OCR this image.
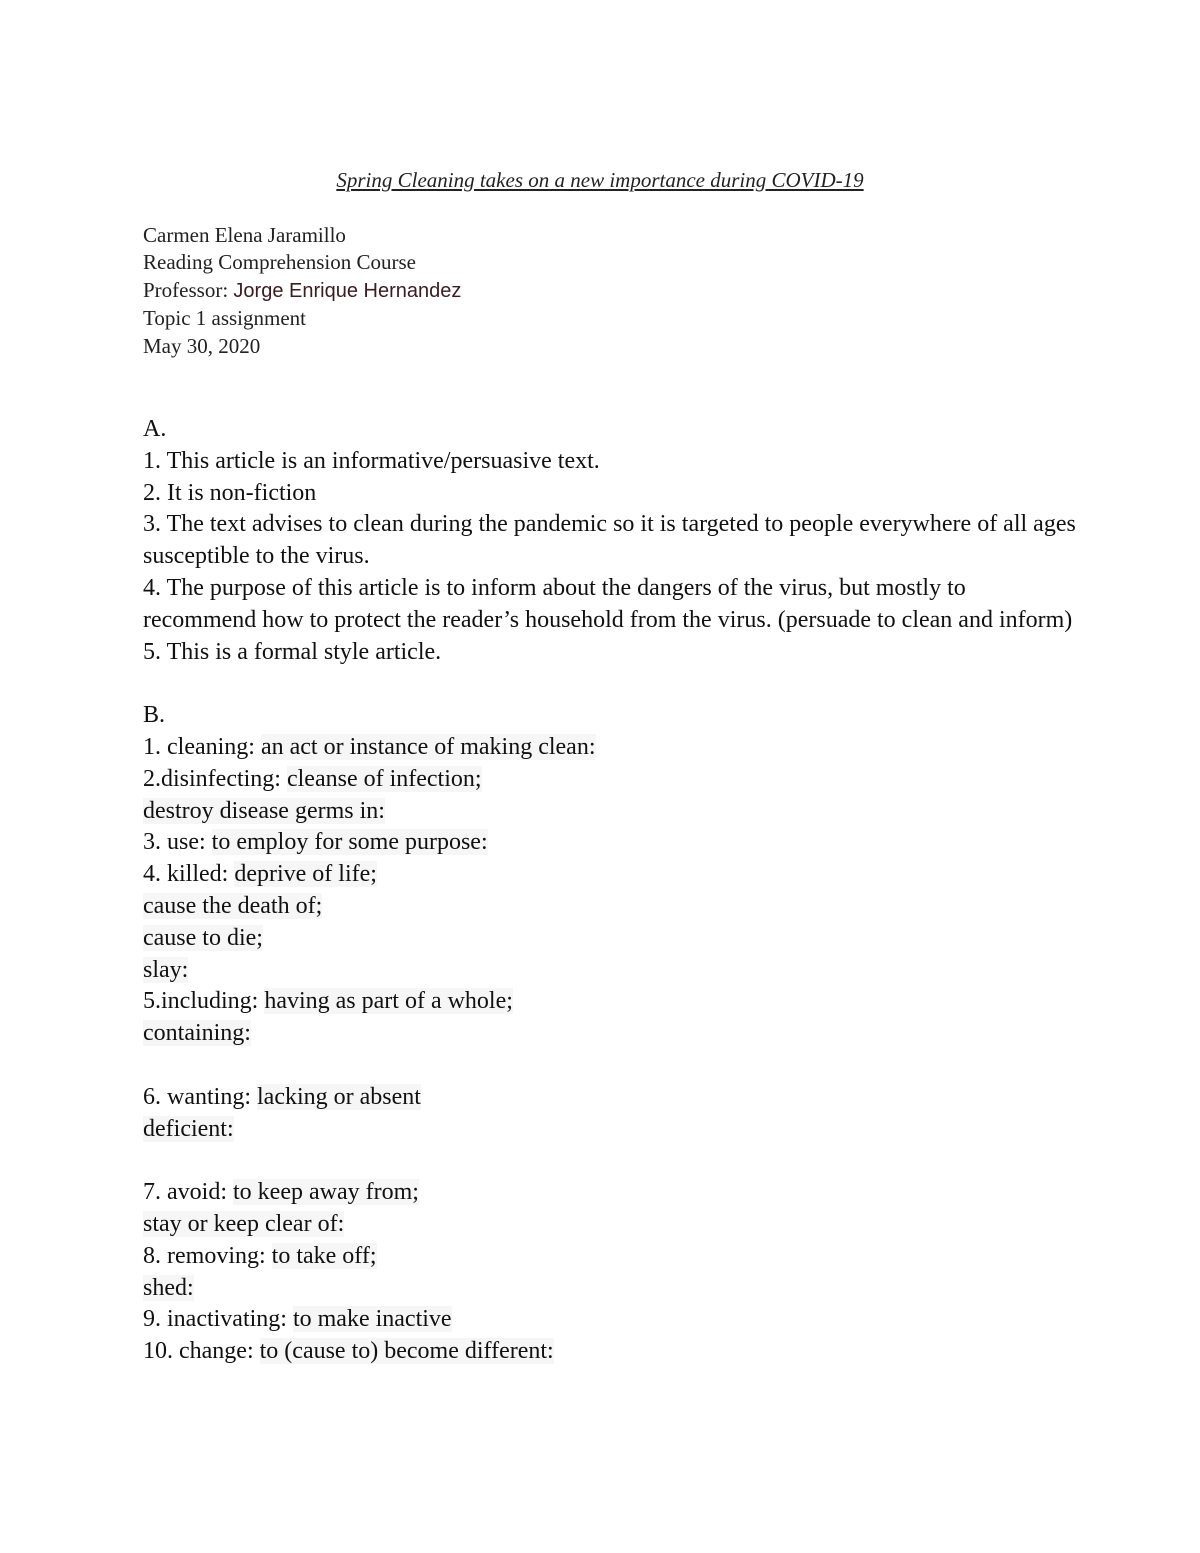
Spring Cleaning takes on a new importance during COVID-19
Carmen Elena Jaramillo
Reading Comprehension Course
Professor: Jorge Enrique Hernandez
Topic 1 assignment
May 30, 2020
A.
1. This article is an informative/persuasive text.
2. It is non-fiction
3. The text advises to clean during the pandemic so it is targeted to people everywhere of all ages susceptible to the virus.
4. The purpose of this article is to inform about the dangers of the virus, but mostly to recommend how to protect the reader’s household from the virus. (persuade to clean and inform)
5. This is a formal style article.
B.
1. cleaning: an act or instance of making clean:
2.disinfecting: cleanse of infection;
destroy disease germs in:
3. use: to employ for some purpose:
4. killed: deprive of life;
cause the death of;
cause to die;
slay:
5.including: having as part of a whole;
containing:
6. wanting: lacking or absent
deficient:
7. avoid: to keep away from;
stay or keep clear of:
8. removing: to take off;
shed:
9. inactivating: to make inactive
10. change: to (cause to) become different:
